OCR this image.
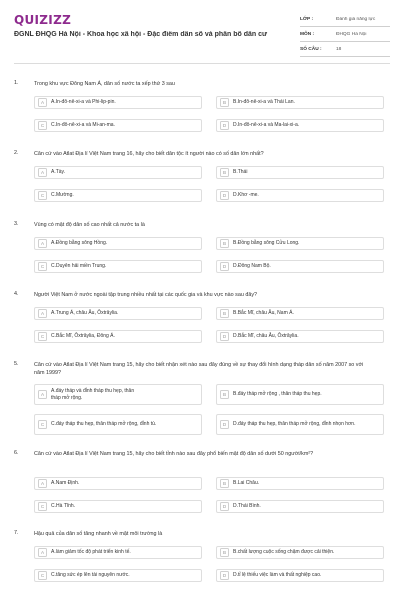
QUIZIZZ
ĐGNL ĐHQG Hà Nội - Khoa học xã hội - Đặc điểm dân số và phân bố dân cư
LỚP :	Đánh giá năng lực
MÔN :	ĐHQG Hà Nội
SỐ CÂU :	18
1.	Trong khu vực Đông Nam Á, dân số nước ta xếp thứ 3 sau
A	A.In-đô-nê-xi-a và Phi-lip-pin.	B	B.In-đô-nê-xi-a và Thái Lan.
C	C.In-đô-nê-xi-a và Mi-an-ma.	D	D.In-đô-nê-xi-a và Ma-lai-xi-a.
2.	Căn cứ vào Atlat Địa lí Việt Nam trang 16, hãy cho biết dân tộc ít người nào có số dân lớn nhất?
A	A.Tày.	B	B.Thái
C	C.Mường.	D	D.Khơ -me.
3.	Vùng có mật độ dân số cao nhất cả nước ta là
A	A.Đồng bằng sông Hồng.	B	B.Đồng bằng sông Cửu Long.
C	C.Duyên hải miền Trung.	D	D.Đông Nam Bộ.
4.	Người Việt Nam ở nước ngoài tập trung nhiều nhất tại các quốc gia và khu vực nào sau đây?
A	A.Trung Á, châu Âu, Ôxtrâylia.	B	B.Bắc Mĩ, châu Âu, Nam Á.
C	C.Bắc Mĩ, Ôxtrâylia, Đông Á.	D	D.Bắc Mĩ, châu Âu, Ôxtrâylia.
5.	Căn cứ vào Atlat Địa lí Việt Nam trang 15, hãy cho biết nhận xét nào sau đây đúng về sự thay đổi hình dạng tháp dân số năm 2007 so với năm 1999?
A
A.đáy tháp và đỉnh tháp thu hẹp, thân tháp mở rộng.	B	B.đáy tháp mở rộng , thân tháp thu hẹp.
C	C.đáy tháp thu hẹp, thân tháp mở rộng, đỉnh tù.	D	D.đáy tháp thu hẹp, thân tháp mở rộng, đỉnh nhọn hơn.
6.	Căn cứ vào Atlat Địa lí Việt Nam trang 15, hãy cho biết tỉnh nào sau đây phổ biến mật độ dân số dưới 50 người/km²?
A	A.Nam Định.	B	B.Lai Châu.
C	C.Hà Tĩnh.	D	D.Thái Bình.
7.	Hậu quả của dân số tăng nhanh về mặt môi trường là
A	A.làm giảm tốc độ phát triển kinh tế.	B	B.chất lượng cuộc sống chậm được cải thiện.
C	C.tăng sức ép lên tài nguyên nước.	D	D.tỉ lệ thiếu việc làm và thất nghiệp cao.
